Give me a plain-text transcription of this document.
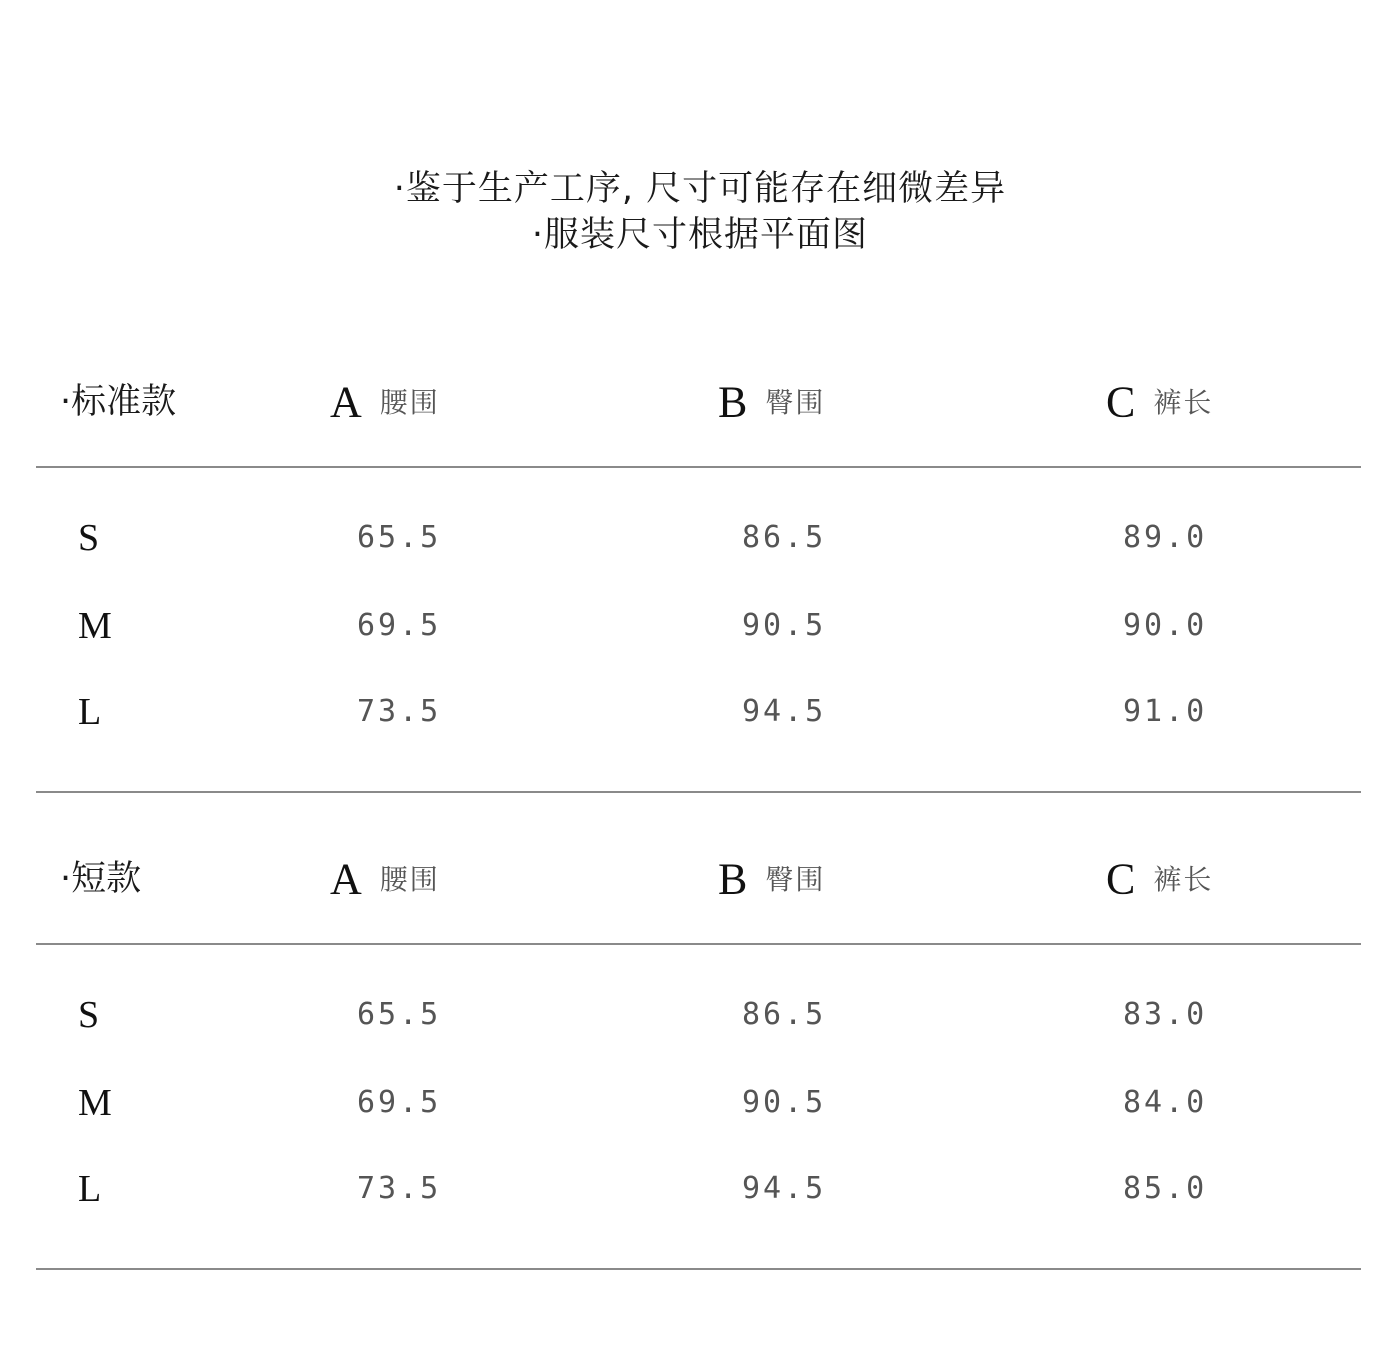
·鉴于生产工序, 尺寸可能存在细微差异
·服装尺寸根据平面图
·标准款	A腰围	B臀围	C裤长
S	65.5	86.5	89.0
M	69.5	90.5	90.0
L	73.5	94.5	91.0
·短款	A腰围	B臀围	C裤长
S	65.5	86.5	83.0
M	69.5	90.5	84.0
L	73.5	94.5	85.0
